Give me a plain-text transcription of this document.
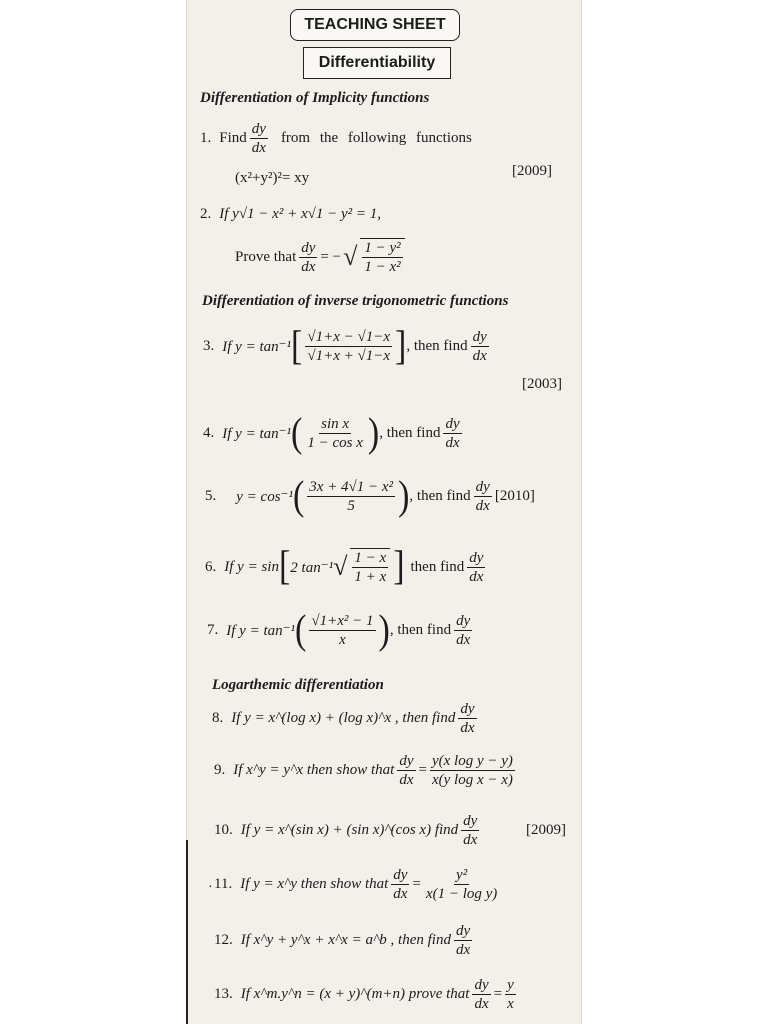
TEACHING SHEET
Differentiability
Differentiation of Implicity functions
1. Find $\frac{dy}{dx}$ from the following functions
(x²+y²)²= xy	[2009]
2. If y√1 − x² + x√1 − y² = 1,
Prove that $\frac{dy}{dx}$ = − √ $\frac{\text{1 − y²}}{\text{1 − x²}}$
Differentiation of inverse trigonometric functions
3. If y = tan⁻¹ [ $\frac{√1+x - √1-x}{√1+x + √1-x}$ ] , then find $\frac{dy}{dx}$
[2003]
4. If y = tan⁻¹ ( $\frac{\text{sin x}}{\text{1 − cos x}}$ ) , then find $\frac{dy}{dx}$
5. y = cos⁻¹ ( $\frac{\text{3x + 4√1 − x²}}{5}$ ) , then find $\frac{dy}{dx} [2010]$
6. If y = sin [ 2 tan⁻¹ √ $\frac{1 - x}{1 + x}$ ] then find $\frac{dy}{dx}$
7. If y = tan⁻¹ ( $\frac{\text{√1+x² − 1}}{x}$ ) , then find $\frac{dy}{dx}$
Logarthemic differentiation
8. If y = x^(log x) + (log x)^x , then find $\frac{dy}{dx}$
9. If x^y = y^x then show that $\frac{dy}{dx} = \frac{\text{y(x log y − y)}}{\text{x(y log x − x)}}$
10. If y = x^(sin x) + (sin x)^(cos x) find $\frac{dy}{dx}$	[2009]
· 11. If y = x^y then show that $\frac{dy}{dx} = \frac{\text{y²}}{\text{x(1 − log y)}}$
12. If x^y + y^x + x^x = a^b , then find $\frac{dy}{dx}$
13. If x^m.y^n = (x + y)^(m+n) prove that $\frac{dy}{dx} = \frac{y}{x}$
